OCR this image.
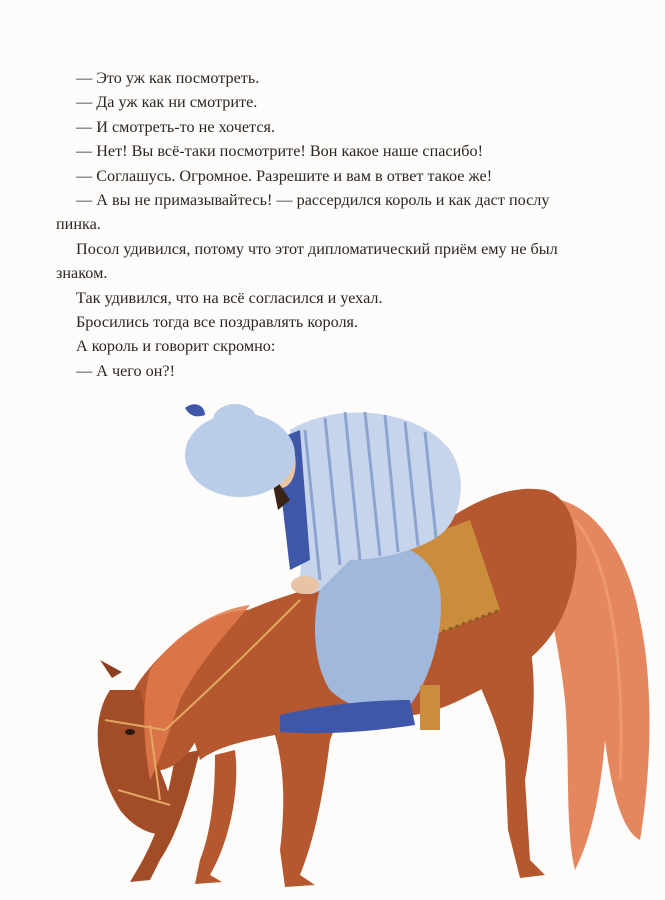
— Это уж как посмотреть.

— Да уж как ни смотрите.

— И смотреть-то не хочется.

— Нет! Вы всё-таки посмотрите! Вон какое наше спасибо!

— Соглашусь. Огромное. Разрешите и вам в ответ такое же!

— А вы не примазывайтесь! — рассердился король и как даст послу
пинка.

Посол удивился, потому что этот дипломатический приём ему не был
знаком.

Так удивился, что на всё согласился и уехал.

Бросились тогда все поздравлять короля.

А король и говорит скромно:

— А чего он?!
